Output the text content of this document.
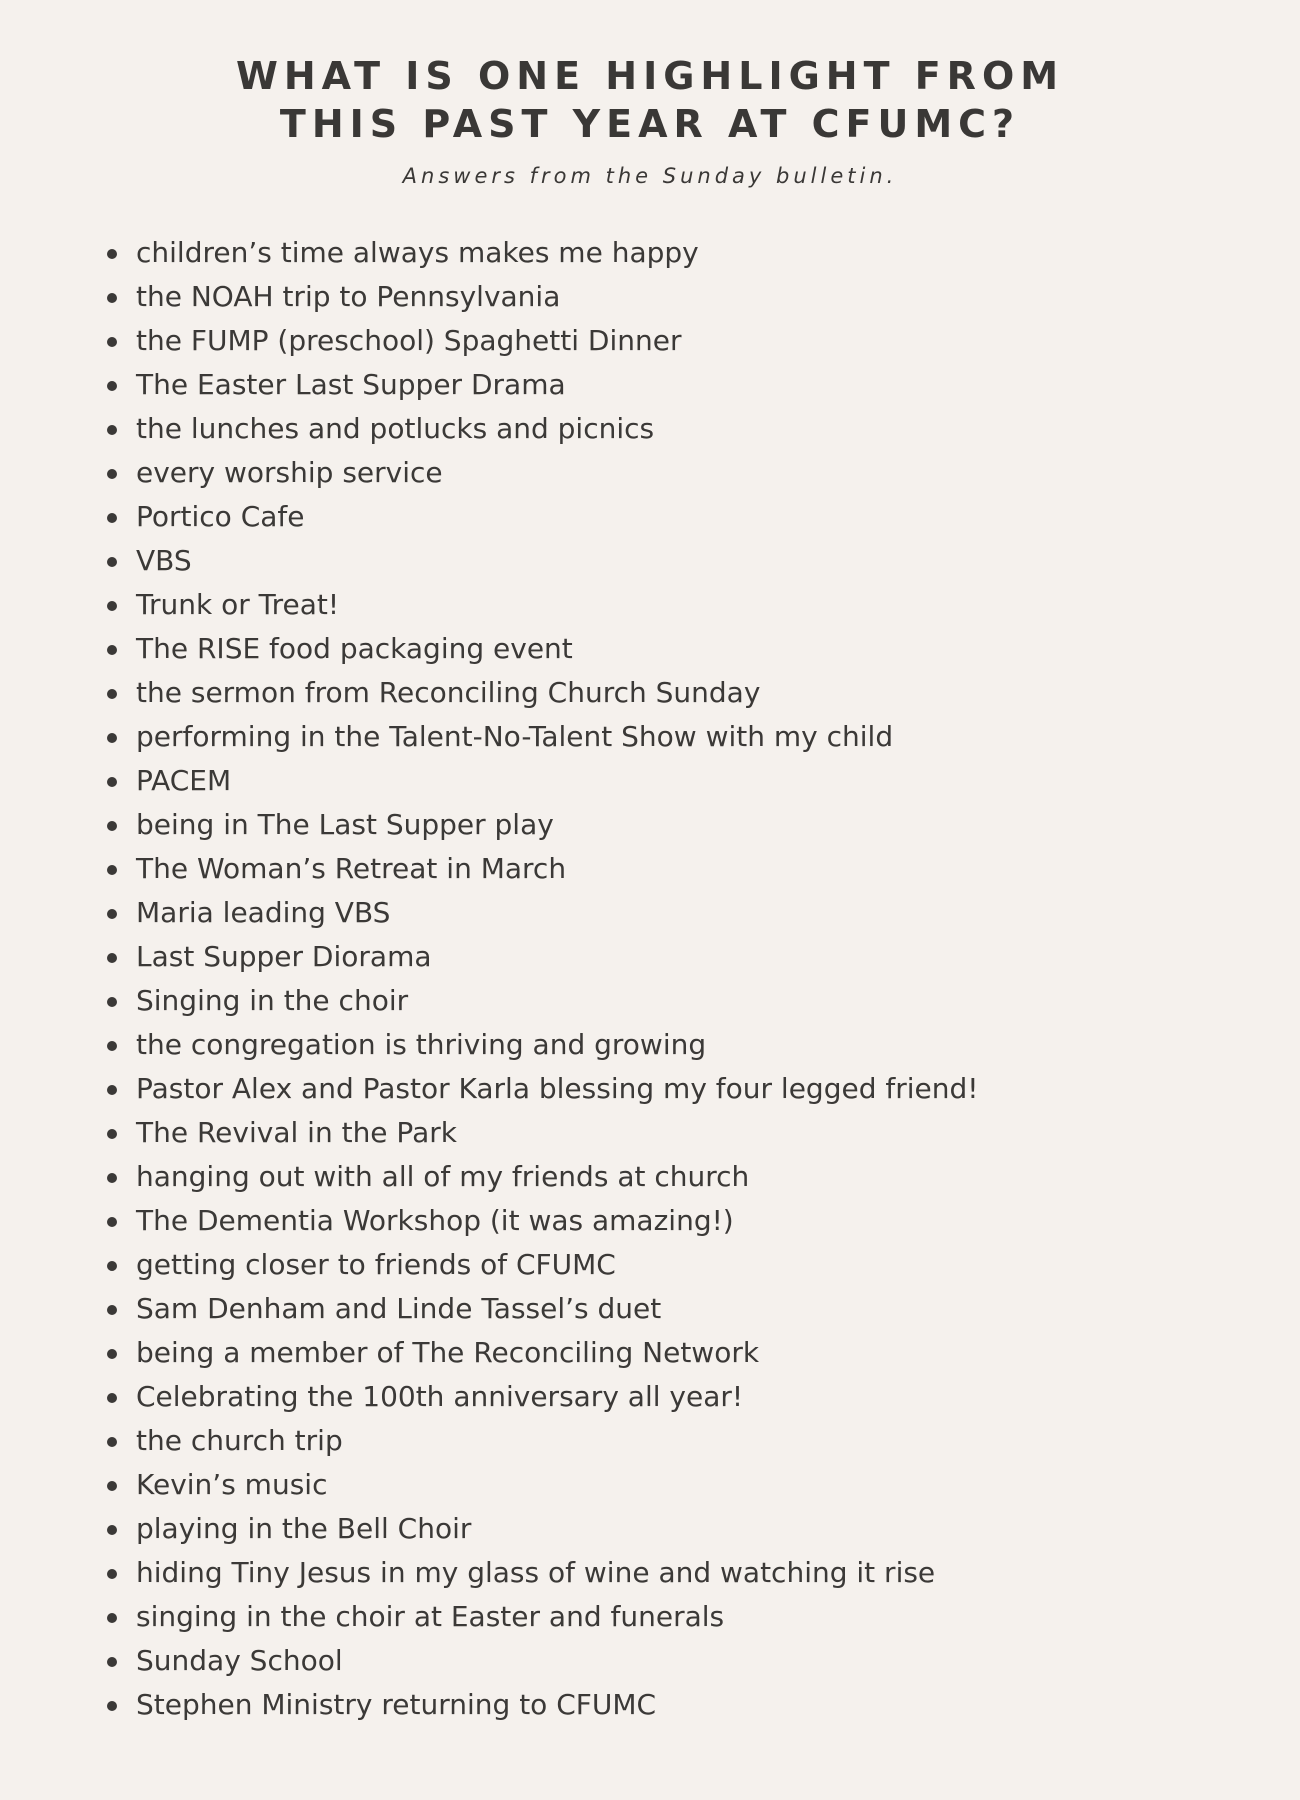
WHAT IS ONE HIGHLIGHT FROM
THIS PAST YEAR AT CFUMC?
Answers from the Sunday bulletin.
children’s time always makes me happy
the NOAH trip to Pennsylvania
the FUMP (preschool) Spaghetti Dinner
The Easter Last Supper Drama
the lunches and potlucks and picnics
every worship service
Portico Cafe
VBS
Trunk or Treat!
The RISE food packaging event
the sermon from Reconciling Church Sunday
performing in the Talent-No-Talent Show with my child
PACEM
being in The Last Supper play
The Woman’s Retreat in March
Maria leading VBS
Last Supper Diorama
Singing in the choir
the congregation is thriving and growing
Pastor Alex and Pastor Karla blessing my four legged friend!
The Revival in the Park
hanging out with all of my friends at church
The Dementia Workshop (it was amazing!)
getting closer to friends of CFUMC
Sam Denham and Linde Tassel’s duet
being a member of The Reconciling Network
Celebrating the 100th anniversary all year!
the church trip
Kevin’s music
playing in the Bell Choir
hiding Tiny Jesus in my glass of wine and watching it rise
singing in the choir at Easter and funerals
Sunday School
Stephen Ministry returning to CFUMC
